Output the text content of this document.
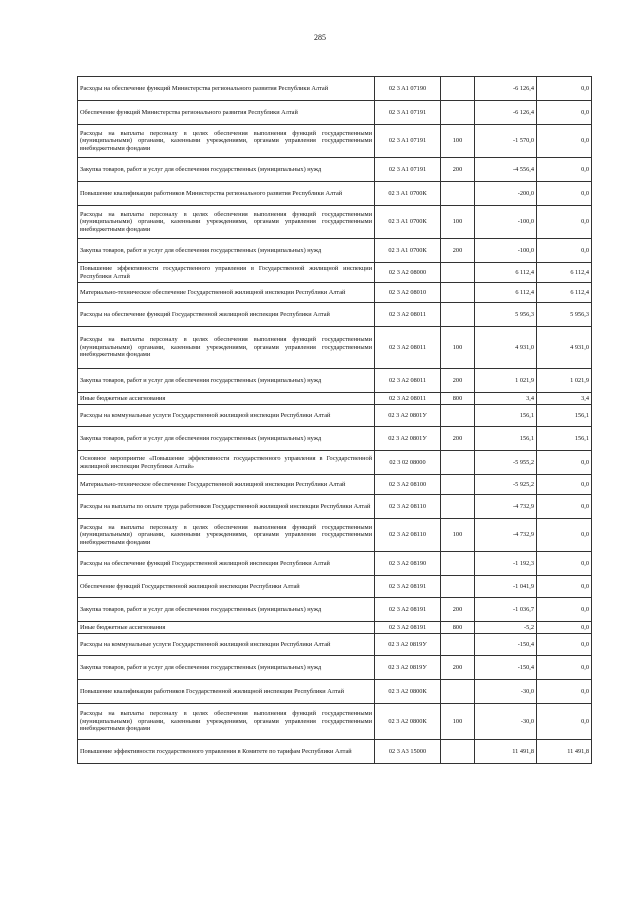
285
Расходы на обеспечение функций Министерства регионального развития Республики Алтай	02 3 A1 07190		-6 126,4	0,0
Обеспечение функций Министерства регионального развития Республики Алтай	02 3 A1 07191		-6 126,4	0,0
Расходы на выплаты персоналу в целях обеспечения выполнения функций государственными (муниципальными) органами, казенными учреждениями, органами управления государственными внебюджетными фондами	02 3 A1 07191	100	-1 570,0	0,0
Закупка товаров, работ и услуг для обеспечения государственных (муниципальных) нужд	02 3 A1 07191	200	-4 556,4	0,0
Повышение квалификации работников Министерства регионального развития Республики Алтай	02 3 A1 0700К		-200,0	0,0
Расходы на выплаты персоналу в целях обеспечения выполнения функций государственными (муниципальными) органами, казенными учреждениями, органами управления государственными внебюджетными фондами	02 3 A1 0700К	100	-100,0	0,0
Закупка товаров, работ и услуг для обеспечения государственных (муниципальных) нужд	02 3 A1 0700К	200	-100,0	0,0
Повышение эффективности государственного управления в Государственной жилищной инспекции Республики Алтай	02 3 A2 08000		6 112,4	6 112,4
Материально-техническое обеспечение Государственной жилищной инспекции Республики Алтай	02 3 A2 08010		6 112,4	6 112,4
Расходы на обеспечение функций Государственной жилищной инспекции Республики Алтай	02 3 A2 08011		5 956,3	5 956,3
Расходы на выплаты персоналу в целях обеспечения выполнения функций государственными (муниципальными) органами, казенными учреждениями, органами управления государственными внебюджетными фондами	02 3 A2 08011	100	4 931,0	4 931,0
Закупка товаров, работ и услуг для обеспечения государственных (муниципальных) нужд	02 3 A2 08011	200	1 021,9	1 021,9
Иные бюджетные ассигнования	02 3 A2 08011	800	3,4	3,4
Расходы на коммунальные услуги Государственной жилищной инспекции Республики Алтай	02 3 A2 0801У		156,1	156,1
Закупка товаров, работ и услуг для обеспечения государственных (муниципальных) нужд	02 3 A2 0801У	200	156,1	156,1
Основное мероприятие «Повышение эффективности государственного управления в Государственной жилищной инспекции Республики Алтай»	02 3 02 08000		-5 955,2	0,0
Материально-техническое обеспечение Государственной жилищной инспекции Республики Алтай	02 3 A2 08100		-5 925,2	0,0
Расходы на выплаты по оплате труда работников Государственной жилищной инспекции Республики Алтай	02 3 A2 08110		-4 732,9	0,0
Расходы на выплаты персоналу в целях обеспечения выполнения функций государственными (муниципальными) органами, казенными учреждениями, органами управления государственными внебюджетными фондами	02 3 A2 08110	100	-4 732,9	0,0
Расходы на обеспечение функций Государственной жилищной инспекции Республики Алтай	02 3 A2 08190		-1 192,3	0,0
Обеспечение функций Государственной жилищной инспекции Республики Алтай	02 3 A2 08191		-1 041,9	0,0
Закупка товаров, работ и услуг для обеспечения государственных (муниципальных) нужд	02 3 A2 08191	200	-1 036,7	0,0
Иные бюджетные ассигнования	02 3 A2 08191	800	-5,2	0,0
Расходы на коммунальные услуги Государственной жилищной инспекции Республики Алтай	02 3 A2 0819У		-150,4	0,0
Закупка товаров, работ и услуг для обеспечения государственных (муниципальных) нужд	02 3 A2 0819У	200	-150,4	0,0
Повышение квалификации работников Государственной жилищной инспекции Республики Алтай	02 3 A2 0800К		-30,0	0,0
Расходы на выплаты персоналу в целях обеспечения выполнения функций государственными (муниципальными) органами, казенными учреждениями, органами управления государственными внебюджетными фондами	02 3 A2 0800К	100	-30,0	0,0
Повышение эффективности государственного управления в Комитете по тарифам Республики Алтай	02 3 A3 15000		11 491,8	11 491,8
